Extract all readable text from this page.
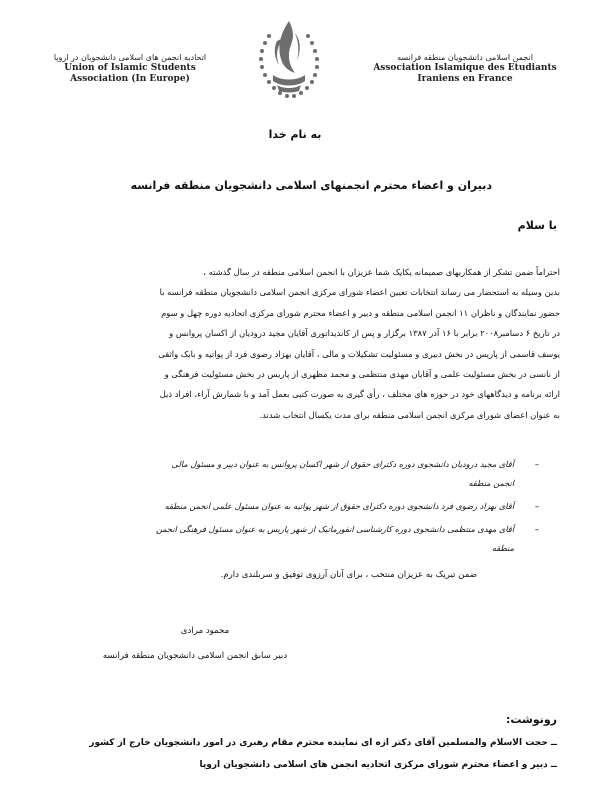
اتحادیه انجمن های اسلامی دانشجویان در اروپا
Union of Islamic Students
Association (In Europe)
انجمن اسلامی دانشجویان منطقه فرانسه
Association Islamique des Etudiants
Iraniens en France
به نام خدا
دبیران و اعضاء محترم انجمنهای اسلامی دانشجویان منطقه فرانسه
با سلام
احتراماً ضمن تشکر از همکاریهای صمیمانه یکایک شما عزیزان با انجمن اسلامی منطقه در سال گذشته ،
بدین وسیله به استحضار می رساند انتخابات تعیین اعضاء شورای مرکزی انجمن اسلامی دانشجویان منطقه فرانسه با
حضور نمایندگان و ناظران ۱۱ انجمن اسلامی منطقه و دبیر و اعضاء محترم شورای مرکزی اتحادیه دوره چهل و سوم
در تاریخ ۶ دسامبر۲۰۰۸ برابر با ۱۶ آذر ۱۳۸۷ برگزار و پس از کاندیداتوری آقایان مجید درودیان از اکسان پروانس و
یوسف قاسمی از پاریس در بخش دبیری و مسئولیت تشکیلات و مالی ، آقایان بهزاد رضوی فرد از پواتیه و بابک واثقی
از نانسی در بخش مسئولیت علمی و آقایان مهدی منتظمی و محمد مظهری از پاریس در بخش مسئولیت فرهنگی و
ارائه برنامه و دیدگاههای خود در حوزه های مختلف ، رأی گیری به صورت کتبی بعمل آمد و با شمارش آراء، افراد ذیل
به عنوان اعضای شورای مرکزی انجمن اسلامی منطقه برای مدت یکسال انتخاب شدند.
–
آقای مجید درودیان دانشجوی دوره دکترای حقوق از شهر اکسان پروانس به عنوان دبیر و مسئول مالی
انجمن منطقه
–
آقای بهزاد رضوی فرد دانشجوی دوره دکترای حقوق از شهر پواتیه به عنوان مسئول علمی انجمن منطقه
–
آقای مهدی منتظمی دانشجوی دوره کارشناسی انفورماتیک از شهر پاریس به عنوان مسئول فرهنگی انجمن
منطقه
ضمن تبریک به عزیزان منتخب ، برای آنان آرزوی توفیق و سربلندی دارم.
محمود مرادی
دبیر سابق انجمن اسلامی دانشجویان منطقه فرانسه
رونوشت:
ــ حجت الاسلام والمسلمین آقای دکتر ازه ای نماینده محترم مقام رهبری در امور دانشجویان خارج از کشور
ــ دبیر و اعضاء محترم شورای مرکزی اتحادیه انجمن های اسلامی دانشجویان اروپا
